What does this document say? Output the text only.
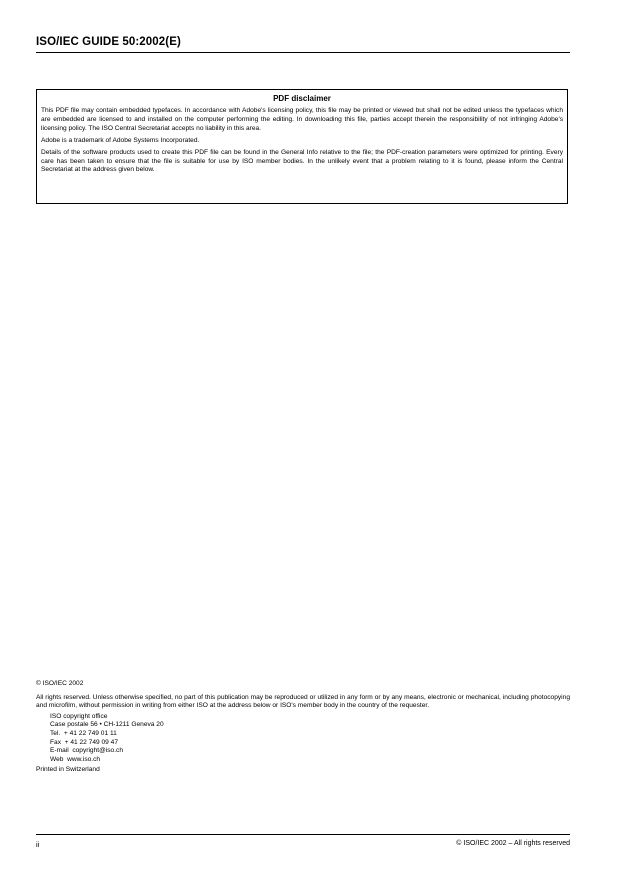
ISO/IEC GUIDE 50:2002(E)
PDF disclaimer

This PDF file may contain embedded typefaces. In accordance with Adobe's licensing policy, this file may be printed or viewed but shall not be edited unless the typefaces which are embedded are licensed to and installed on the computer performing the editing. In downloading this file, parties accept therein the responsibility of not infringing Adobe's licensing policy. The ISO Central Secretariat accepts no liability in this area.

Adobe is a trademark of Adobe Systems Incorporated.

Details of the software products used to create this PDF file can be found in the General Info relative to the file; the PDF-creation parameters were optimized for printing. Every care has been taken to ensure that the file is suitable for use by ISO member bodies. In the unlikely event that a problem relating to it is found, please inform the Central Secretariat at the address given below.

© ISO/IEC 2002

All rights reserved. Unless otherwise specified, no part of this publication may be reproduced or utilized in any form or by any means, electronic or mechanical, including photocopying and microfilm, without permission in writing from either ISO at the address below or ISO's member body in the country of the requester.

ISO copyright office
Case postale 56 • CH-1211 Geneva 20
Tel.  + 41 22 749 01 11
Fax  + 41 22 749 09 47
E-mail  copyright@iso.ch
Web  www.iso.ch

Printed in Switzerland

ii	© ISO/IEC 2002 – All rights reserved
